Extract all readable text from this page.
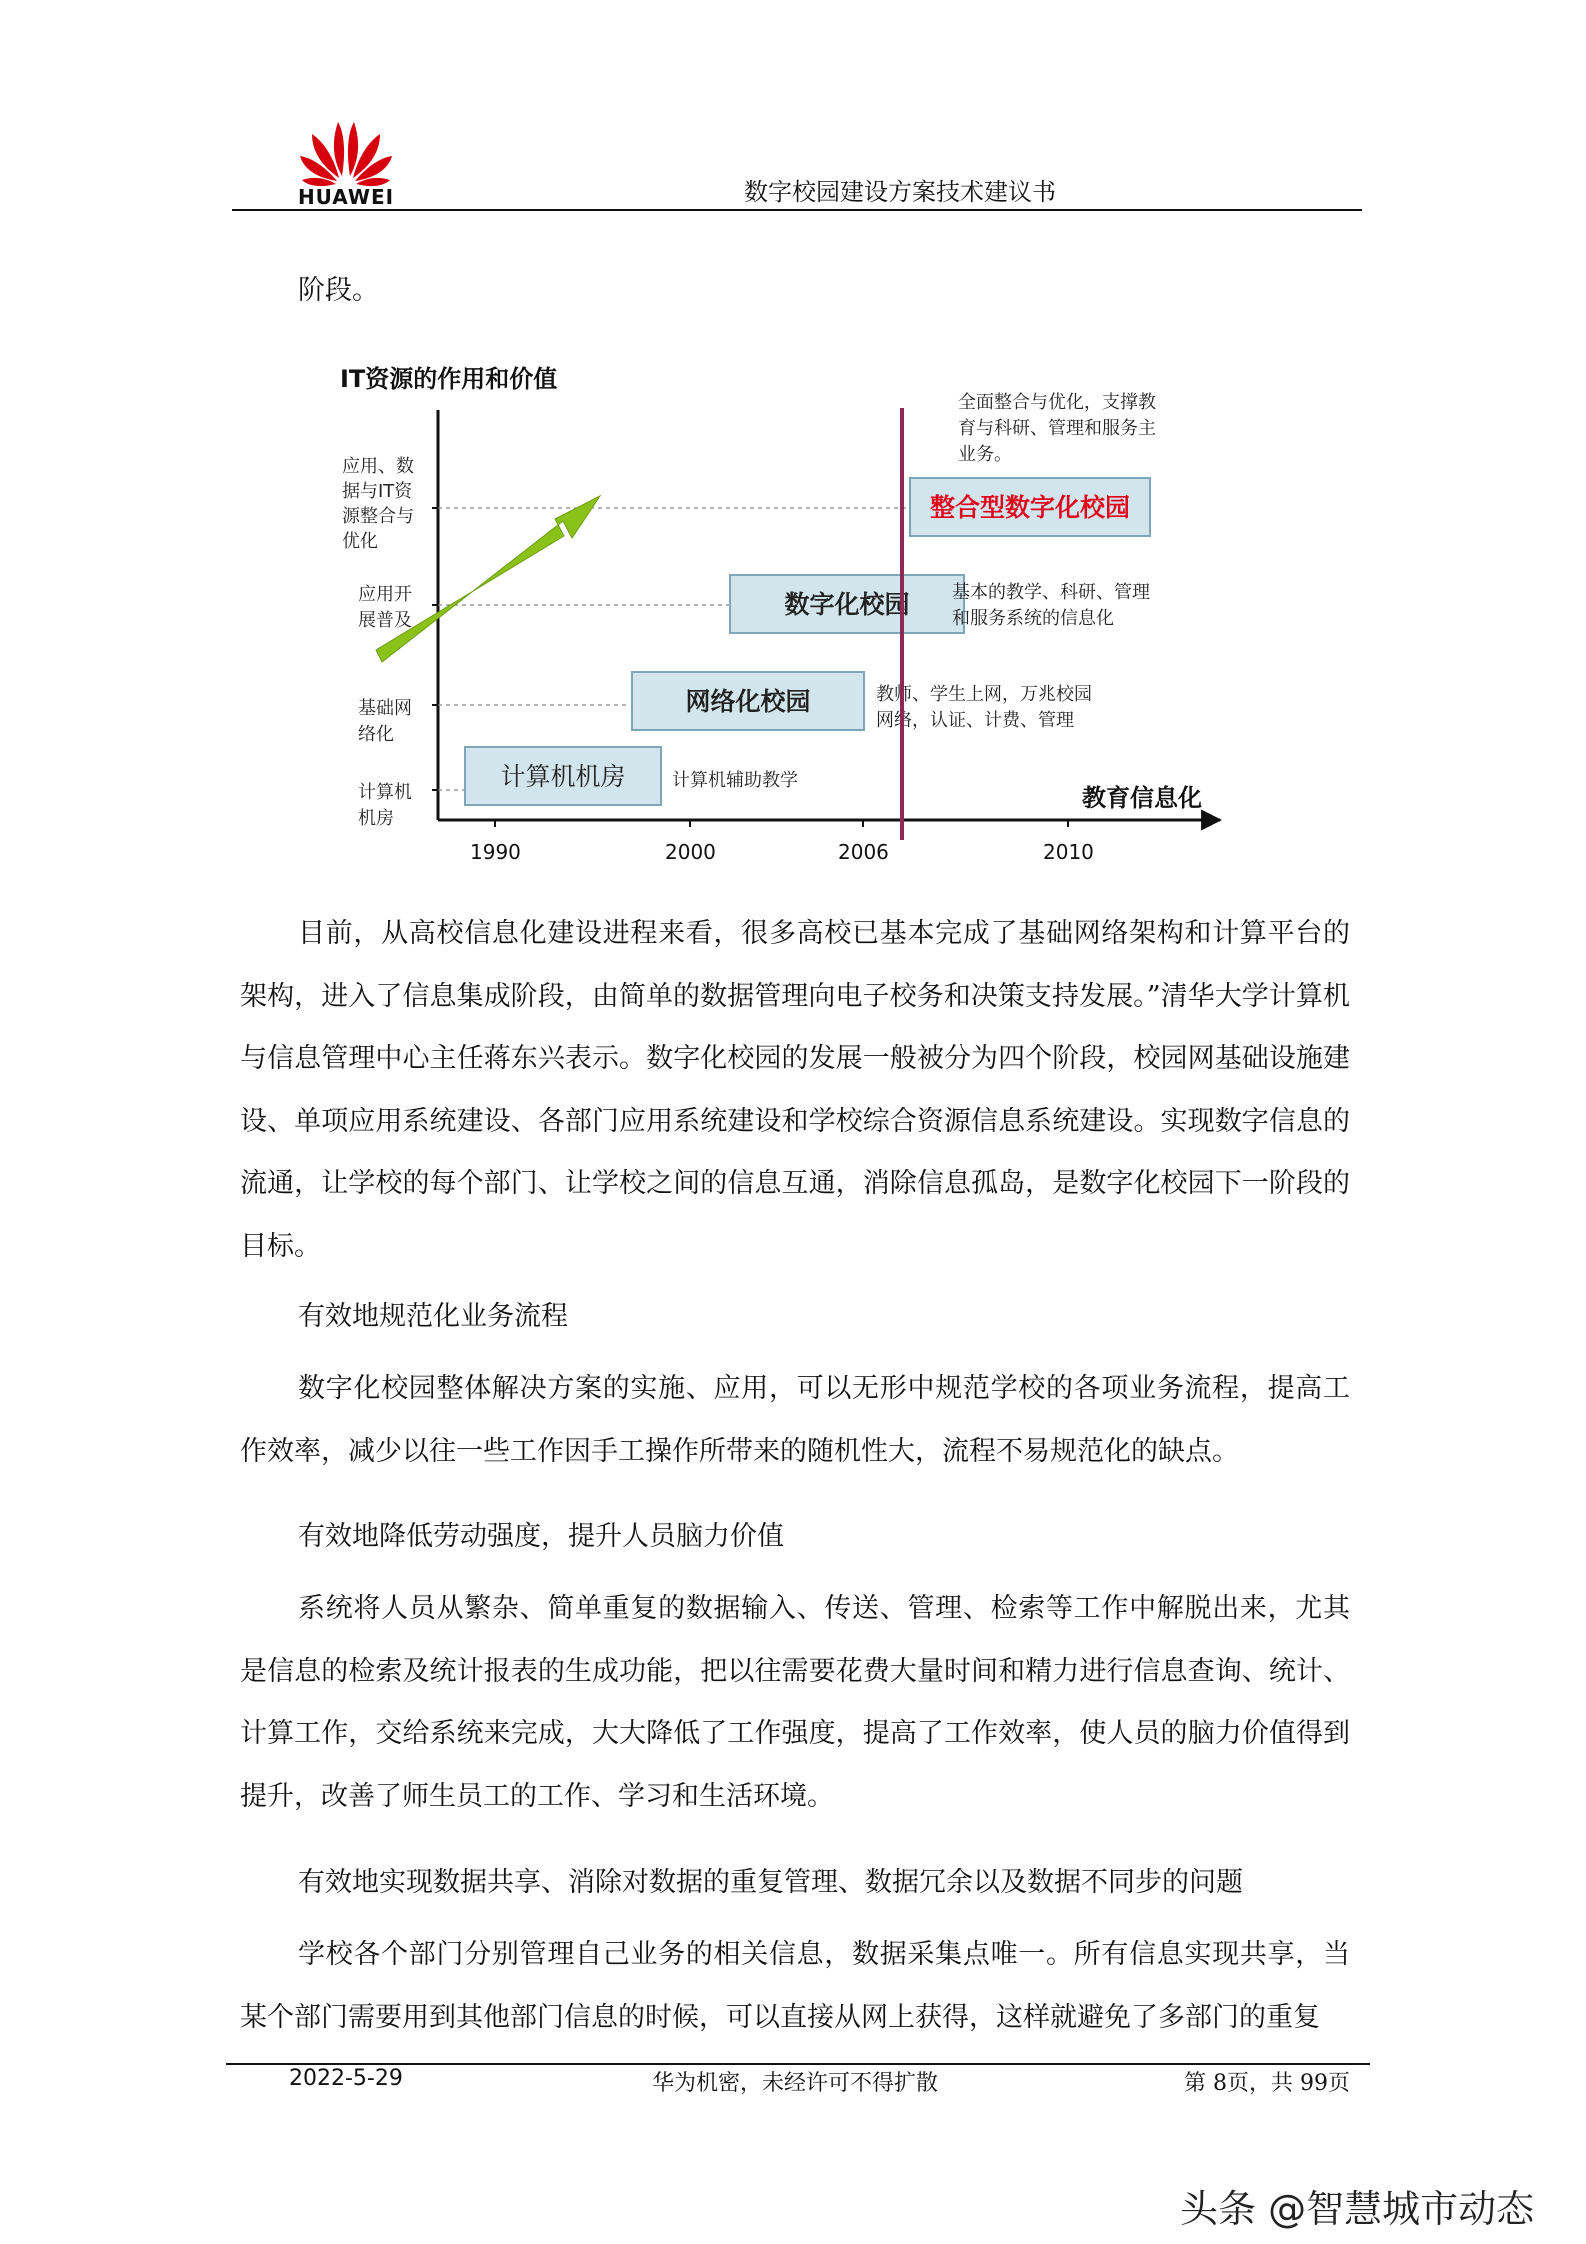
HUAWEI	数字校园建设方案技术建议书
阶段。
IT资源的作用和价值
计算机
机房
基础网
络化
应用开
展普及
应用、数
据与IT资
源整合与
优化
1990	2000	2006	2010
教育信息化
计算机机房
网络化校园
数字化校园
整合型数字化校园
计算机辅助教学
教师、学生上网，万兆校园
网络，认证、计费、管理
基本的教学、科研、管理
和服务系统的信息化
全面整合与优化，支撑教
育与科研、管理和服务主
业务。
目前，从高校信息化建设进程来看，很多高校已基本完成了基础网络架构和计算平台的架构，进入了信息集成阶段，由简单的数据管理向电子校务和决策支持发展。”清华大学计算机与信息管理中心主任蒋东兴表示。数字化校园的发展一般被分为四个阶段，校园网基础设施建设、单项应用系统建设、各部门应用系统建设和学校综合资源信息系统建设。实现数字信息的流通，让学校的每个部门、让学校之间的信息互通，消除信息孤岛，是数字化校园下一阶段的目标。
有效地规范化业务流程
数字化校园整体解决方案的实施、应用，可以无形中规范学校的各项业务流程，提高工作效率，减少以往一些工作因手工操作所带来的随机性大，流程不易规范化的缺点。
有效地降低劳动强度，提升人员脑力价值
系统将人员从繁杂、简单重复的数据输入、传送、管理、检索等工作中解脱出来，尤其是信息的检索及统计报表的生成功能，把以往需要花费大量时间和精力进行信息查询、统计、计算工作，交给系统来完成，大大降低了工作强度，提高了工作效率，使人员的脑力价值得到提升，改善了师生员工的工作、学习和生活环境。
有效地实现数据共享、消除对数据的重复管理、数据冗余以及数据不同步的问题
学校各个部门分别管理自己业务的相关信息，数据采集点唯一。所有信息实现共享，当某个部门需要用到其他部门信息的时候，可以直接从网上获得，这样就避免了多部门的重复
2022-5-29	华为机密，未经许可不得扩散	第 8页，共 99页
头条 @智慧城市动态
